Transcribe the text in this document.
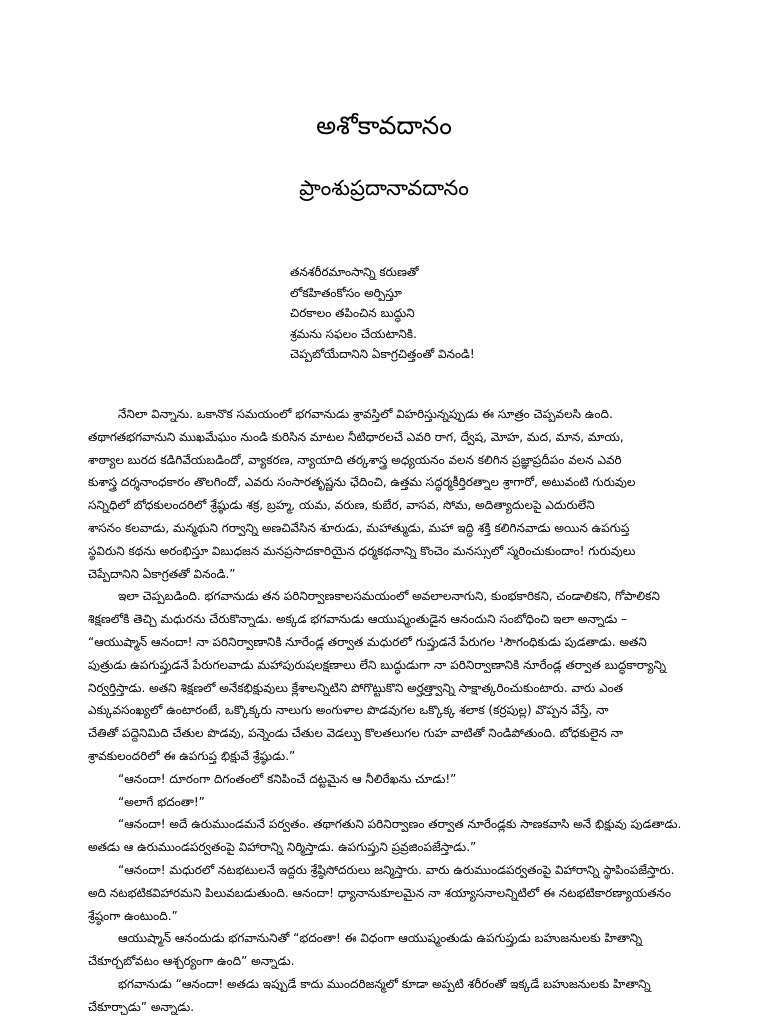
అశోకావదానం
ప్రాంశుప్రదానావదానం
తనశరీరమాంసాన్ని కరుణతో
లోకహితంకోసం అర్పిస్తూ
చిరకాలం తపించిన బుద్ధుని
శ్రమను సఫలం చేయటానికి.
చెప్పబోయేదానిని ఏకాగ్రచిత్తంతో వినండి!
నేనిలా విన్నాను. ఒకానొక సమయంలో భగవానుడు శ్రావస్తిలో విహరిస్తున్నప్పుడు ఈ సూత్రం చెప్పవలసి ఉంది.
తథాగతభగవానుని ముఖమేఘం నుండి కురిసిన మాటల నీటిధారలచే ఎవరి రాగ, ద్వేష, మోహ, మద, మాన, మాయ,
శాఠ్యాల బురద కడిగివేయబడిందో, వ్యాకరణ, న్యాయాది తర్కశాస్త్ర అధ్యయనం వలన కలిగిన ప్రజ్ఞాప్రదీపం వలన ఎవరి
కుశాస్త్ర దర్శనాంధకారం తొలగిందో, ఎవరు సంసారతృష్ణను ఛేదించి, ఉత్తమ సద్ధర్మకీర్తిరత్నాల శ్రాగారో, అటువంటి గురువుల
సన్నిధిలో బోధకులందరిలో శ్రేష్ఠుడు శక్ర, బ్రహ్మ, యమ, వరుణ, కుబేర, వాసవ, సోమ, అదిత్యాదులపై ఎదురులేని
శాసనం కలవాడు, మన్మథుని గర్వాన్ని అణచివేసిన శూరుడు, మహాత్ముడు, మహా ఇద్ధి శక్తి కలిగినవాడు అయిన ఉపగుప్త
స్థవిరుని కథను అరంభిస్తూ విబుధజన మనప్రసాదకారియైన ధర్మకథనాన్ని కొంచెం మనస్సులో స్మరించుకుందాం! గురువులు
చెప్పేదానిని ఏకాగ్రతతో వినండి.”
ఇలా చెప్పబడింది. భగవానుడు తన పరినిర్వాణకాలసమయంలో అవలాలనాగుని, కుంభకారికని, చండాలికని, గోపాలికని
శిక్షణలోకి తెచ్చి మధురను చేరుకొన్నాడు. అక్కడ భగవానుడు ఆయుష్మంతుడైన ఆనందుని సంబోధించి ఇలా అన్నాడు –
“ఆయుష్మాన్ ఆనందా! నా పరినిర్వాణానికి నూరేండ్ల తర్వాత మధురలో గుప్తుడనే పేరుగల ¹సౌగంధికుడు పుడతాడు. అతని
పుత్రుడు ఉపగుప్తుడనే పేరుగలవాడు మహాపురుషలక్షణాలు లేని బుద్ధుడుగా నా పరినిర్వాణానికి నూరేండ్ల తర్వాత బుద్ధకార్యాన్ని
నిర్వర్తిస్తాడు. అతని శిక్షణలో అనేకభిక్షువులు క్లేశాలన్నిటిని పోగొట్టుకొని అర్హత్త్వాన్ని సాక్షాత్కరించుకుంటారు. వారు ఎంత
ఎక్కువసంఖ్యలో ఉంటారంటే, ఒక్కొక్కరు నాలుగు అంగుళాల పొడవుగల ఒక్కొక్క శలాక (కర్రపుల్ల) వొప్పన వేస్తే, నా
చేతితో పద్దెనిమిది చేతుల పొడవు, పన్నెండు చేతుల వెడల్పు కొలతలుగల గుహ వాటితో నిండిపోతుంది. బోధకులైన నా
శ్రావకులందరిలో ఈ ఉపగుప్త భిక్షువే శ్రేష్ఠుడు.”
“ఆనందా! దూరంగా దిగంతంలో కనిపించే దట్టమైన ఆ నీలిరేఖను చూడు!”
“అలాగే భదంతా!”
“ఆనందా! అదే ఉరుముండమనే పర్వతం. తథాగతుని పరినిర్వాణం తర్వాత నూరేండ్లకు సాణకవాసి అనే భిక్షువు పుడతాడు.
అతడు ఆ ఉరుముండపర్వతంపై విహారాన్ని నిర్మిస్తాడు. ఉపగుప్తుని ప్రవ్రజింపజేస్తాడు.”
“ఆనందా! మధురలో నటభటులనే ఇద్దరు శ్రేష్ఠిసోదరులు జన్మిస్తారు. వారు ఉరుముండపర్వతంపై విహారాన్ని స్థాపింపజేస్తారు.
అది నటభటికవిహారమని పిలువబడుతుంది. ఆనందా! ధ్యానానుకూలమైన నా శయ్యాసనాలన్నిటిలో ఈ నటభటికారణ్యాయతనం
శ్రేష్ఠంగా ఉంటుంది.”
ఆయుష్మాన్ ఆనందుడు భగవానునితో “భదంతా! ఈ విధంగా ఆయుష్మంతుడు ఉపగుప్తుడు బహుజనులకు హితాన్ని
చేకూర్చబోవటం ఆశ్చర్యంగా ఉంది” అన్నాడు.
భగవానుడు “ఆనందా! అతడు ఇప్పుడే కాదు ముందరిజన్మలో కూడా అప్పటి శరీరంతో ఇక్కడే బహుజనులకు హితాన్ని
చేకూర్చాడు” అన్నాడు.
